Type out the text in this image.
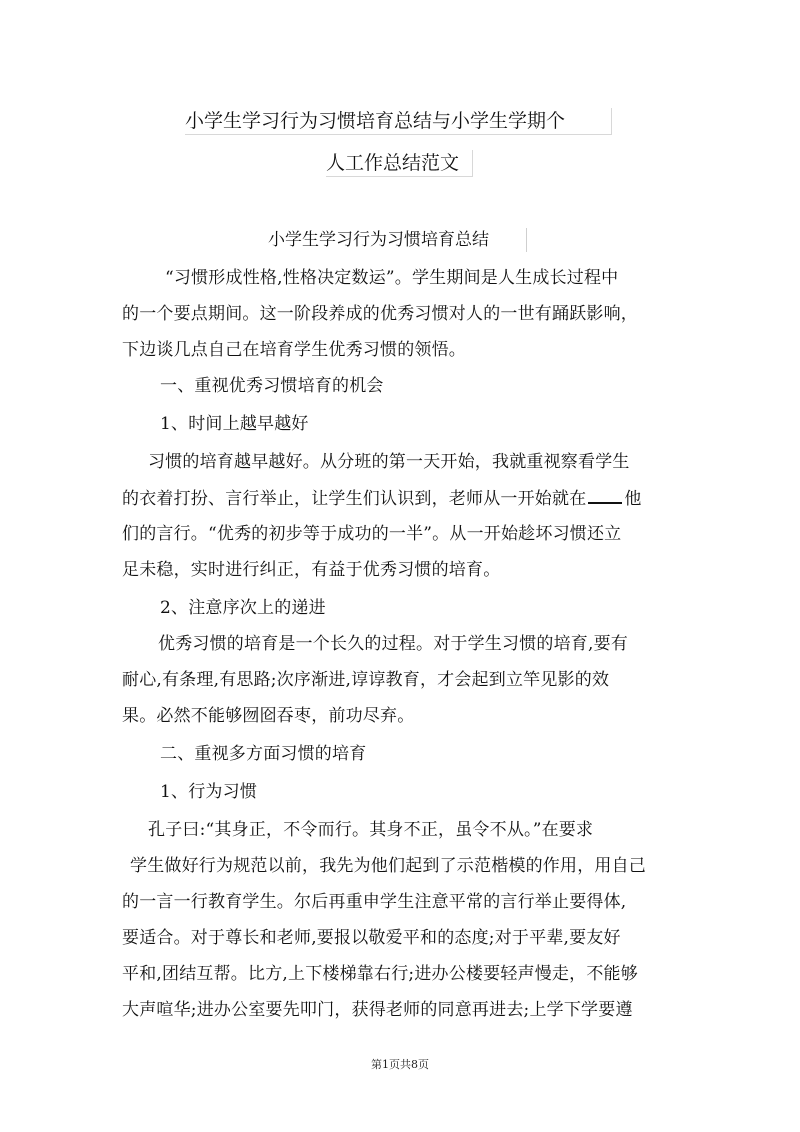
小学生学习行为习惯培育总结与小学生学期个
人工作总结范文
小学生学习行为习惯培育总结
“习惯形成性格,性格决定数运”。学生期间是人生成长过程中
的一个要点期间。这一阶段养成的优秀习惯对人的一世有踊跃影响，
下边谈几点自己在培育学生优秀习惯的领悟。
一、重视优秀习惯培育的机会
1、时间上越早越好
习惯的培育越早越好。从分班的第一天开始，我就重视察看学生
的衣着打扮、言行举止，让学生们认识到，老师从一开始就在 他
们的言行。“优秀的初步等于成功的一半”。从一开始趁坏习惯还立
足未稳，实时进行纠正，有益于优秀习惯的培育。
2、注意序次上的递进
优秀习惯的培育是一个长久的过程。对于学生习惯的培育,要有
耐心,有条理,有思路;次序渐进,谆谆教育，才会起到立竿见影的效
果。必然不能够囫囵吞枣，前功尽弃。
二、重视多方面习惯的培育
1、行为习惯
孔子曰:“其身正，不令而行。其身不正，虽令不从。”在要求
学生做好行为规范以前，我先为他们起到了示范楷模的作用，用自己
的一言一行教育学生。尔后再重申学生注意平常的言行举止要得体,
要适合。对于尊长和老师,要报以敬爱平和的态度;对于平辈,要友好
平和,团结互帮。比方,上下楼梯靠右行;进办公楼要轻声慢走，不能够
大声喧华;进办公室要先叩门，获得老师的同意再进去;上学下学要遵
第1页共8页
